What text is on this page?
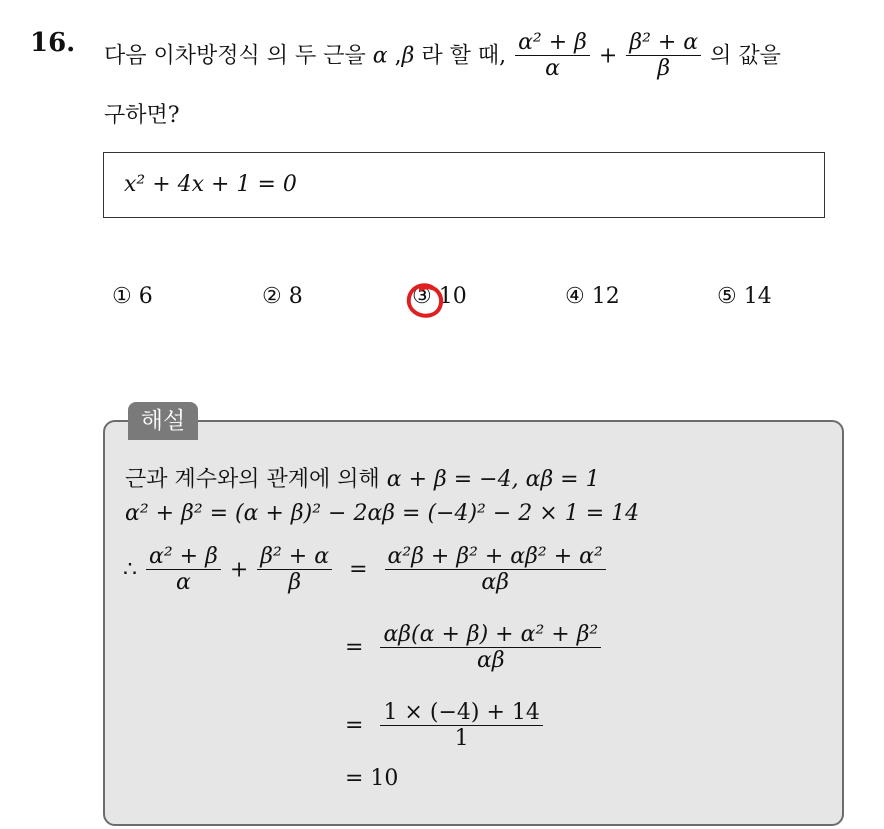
16. 다음 이차방정식 의 두 근을 α ,β 라 할 때, $\frac{\text{α² + β}}{\alpha} + \frac{\text{β² + α}}{\beta}$ 의 값을
구하면?
x² + 4x + 1 = 0
① 6	② 8	③ 10	④ 12	⑤ 14
근과 계수와의 관계에 의해 α + β = −4, αβ = 1
α² + β² = (α + β)² − 2αβ = (−4)² − 2 × 1 = 14
∴ $\frac{\text{α² + β}}{\alpha} + \frac{\text{β² + α}}{\beta} = \frac{\text{α²β + β² + αβ² + α²}}{\alpha\beta}$
= $\frac{\text{αβ(α + β) + α² + β²}}{\alpha\beta}$
= $\frac{1 \times (-4) + 14}{1}$
= 10
해설
